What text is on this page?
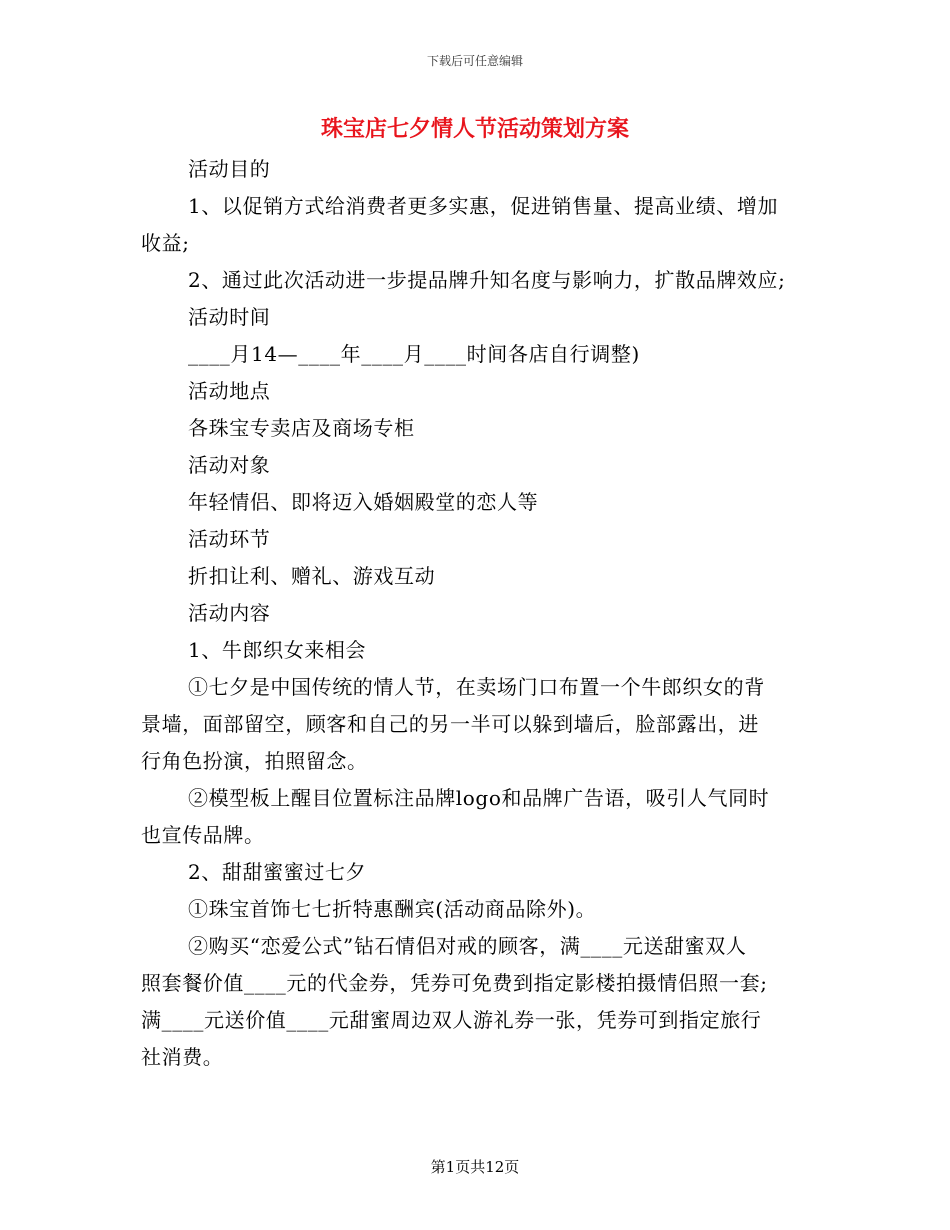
下载后可任意编辑
珠宝店七夕情人节活动策划方案
活动目的
1、以促销方式给消费者更多实惠，促进销售量、提高业绩、增加
收益;
2、通过此次活动进一步提品牌升知名度与影响力，扩散品牌效应;
活动时间
____月14—____年____月____时间各店自行调整)
活动地点
各珠宝专卖店及商场专柜
活动对象
年轻情侣、即将迈入婚姻殿堂的恋人等
活动环节
折扣让利、赠礼、游戏互动
活动内容
1、牛郎织女来相会
①七夕是中国传统的情人节，在卖场门口布置一个牛郎织女的背
景墙，面部留空，顾客和自己的另一半可以躲到墙后，脸部露出，进
行角色扮演，拍照留念。
②模型板上醒目位置标注品牌logo和品牌广告语，吸引人气同时
也宣传品牌。
2、甜甜蜜蜜过七夕
①珠宝首饰七七折特惠酬宾(活动商品除外)。
②购买“恋爱公式”钻石情侣对戒的顾客，满____元送甜蜜双人
照套餐价值____元的代金券，凭券可免费到指定影楼拍摄情侣照一套;
满____元送价值____元甜蜜周边双人游礼券一张，凭券可到指定旅行
社消费。
第1页共12页
